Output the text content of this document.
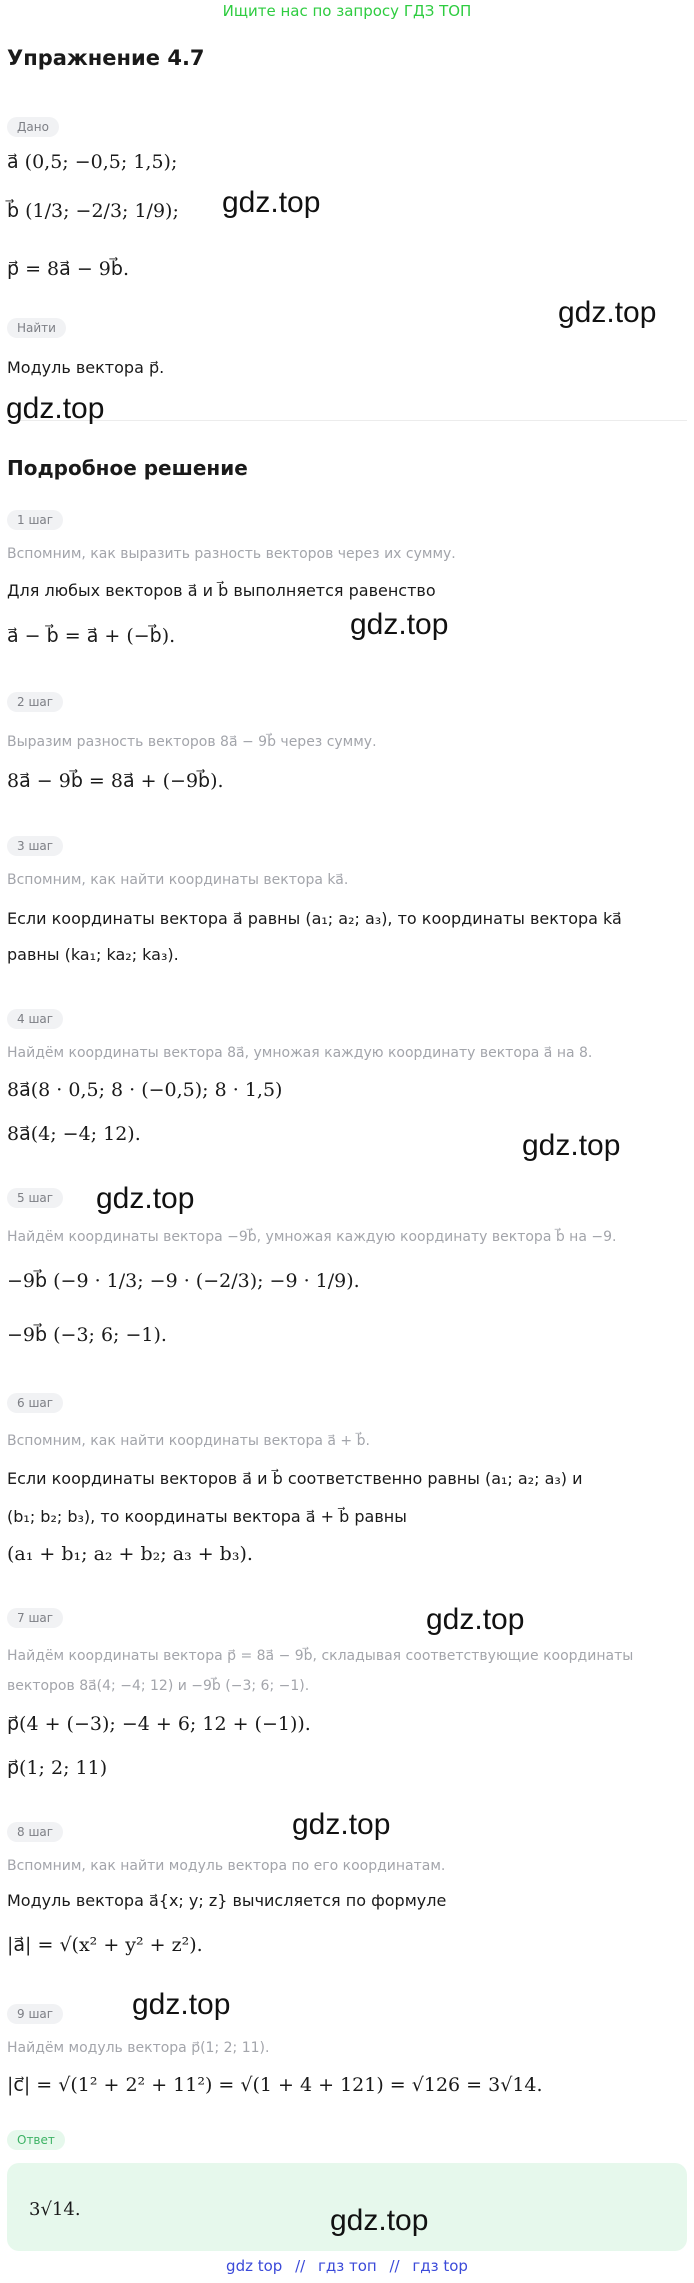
Ищите нас по запросу ГДЗ ТОП
Упражнение 4.7
Дано
a⃗ (0,5; −0,5; 1,5);
b⃗ (1/3; −2/3; 1/9);
p⃗ = 8a⃗ − 9b⃗.
Найти
Модуль вектора p⃗.
Подробное решение
1 шаг
Вспомним, как выразить разность векторов через их сумму.
Для любых векторов a⃗ и b⃗ выполняется равенство
a⃗ − b⃗ = a⃗ + (−b⃗).
2 шаг
Выразим разность векторов 8a⃗ − 9b⃗ через сумму.
8a⃗ − 9b⃗ = 8a⃗ + (−9b⃗).
3 шаг
Вспомним, как найти координаты вектора ka⃗.
Если координаты вектора a⃗ равны (a₁; a₂; a₃), то координаты вектора ka⃗
равны (ka₁; ka₂; ka₃).
4 шаг
Найдём координаты вектора 8a⃗, умножая каждую координату вектора a⃗ на 8.
8a⃗(8 · 0,5; 8 · (−0,5); 8 · 1,5)
8a⃗(4; −4; 12).
5 шаг
Найдём координаты вектора −9b⃗, умножая каждую координату вектора b⃗ на −9.
−9b⃗ (−9 · 1/3; −9 · (−2/3); −9 · 1/9).
−9b⃗ (−3; 6; −1).
6 шаг
Вспомним, как найти координаты вектора a⃗ + b⃗.
Если координаты векторов a⃗ и b⃗ соответственно равны (a₁; a₂; a₃) и
(b₁; b₂; b₃), то координаты вектора a⃗ + b⃗ равны
(a₁ + b₁; a₂ + b₂; a₃ + b₃).
7 шаг
Найдём координаты вектора p⃗ = 8a⃗ − 9b⃗, складывая соответствующие координаты
векторов 8a⃗(4; −4; 12) и −9b⃗ (−3; 6; −1).
p⃗(4 + (−3); −4 + 6; 12 + (−1)).
p⃗(1; 2; 11)
8 шаг
Вспомним, как найти модуль вектора по его координатам.
Модуль вектора a⃗{x; y; z} вычисляется по формуле
|a⃗| = √(x² + y² + z²).
9 шаг
Найдём модуль вектора p⃗(1; 2; 11).
|c⃗| = √(1² + 2² + 11²) = √(1 + 4 + 121) = √126 = 3√14.
Ответ
3√14.
gdz.top
gdz.top
gdz.top
gdz.top
gdz.top
gdz.top
gdz.top
gdz.top
gdz.top
gdz.top
gdz top // гдз топ // гдз top
